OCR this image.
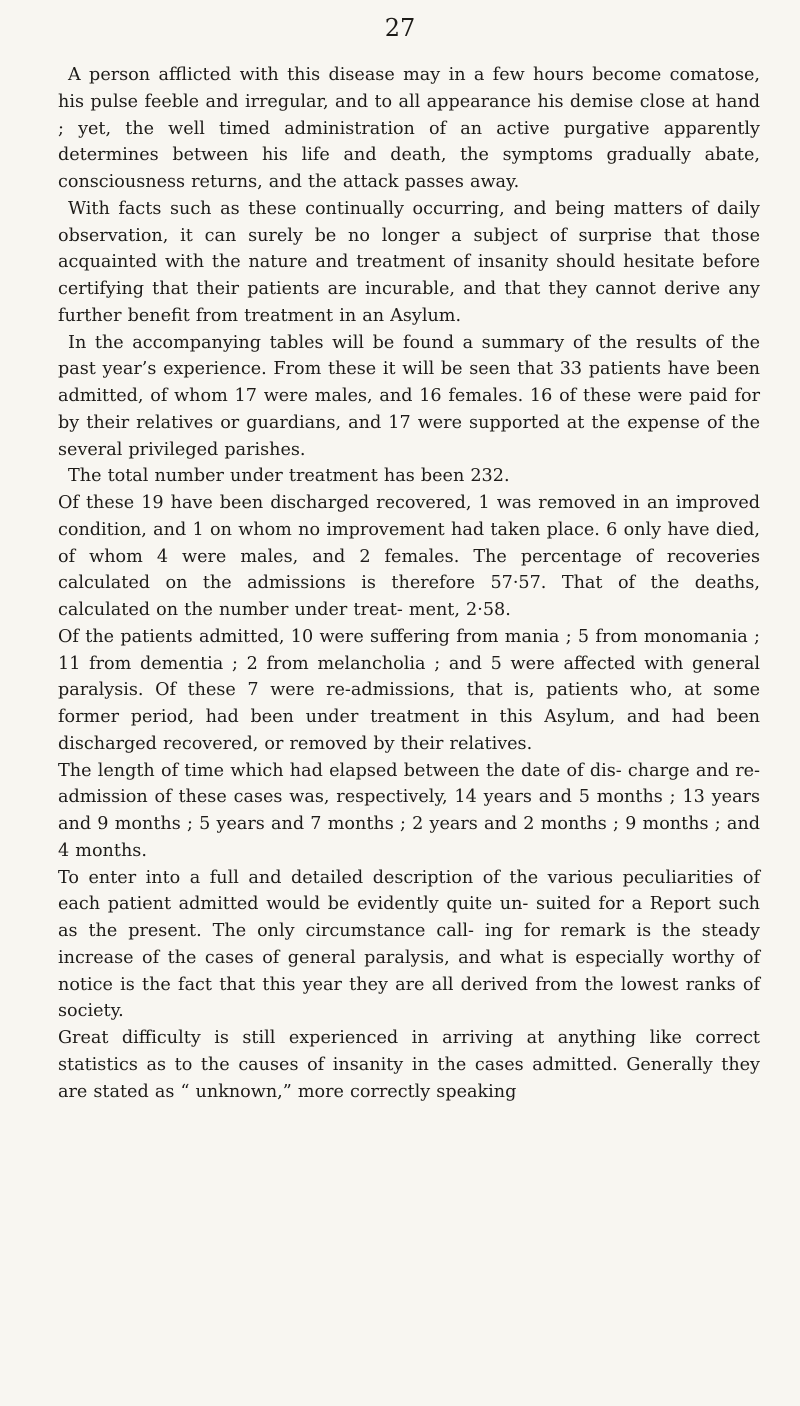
27

A person afflicted with this disease may in a few hours become comatose, his pulse feeble and irregular, and to all appearance his demise close at hand ; yet, the well timed administration of an active purgative apparently determines between his life and death, the symptoms gradually abate, consciousness returns, and the attack passes away.

With facts such as these continually occurring, and being matters of daily observation, it can surely be no longer a subject of surprise that those acquainted with the nature and treatment of insanity should hesitate before certifying that their patients are incurable, and that they cannot derive any further benefit from treatment in an Asylum.

In the accompanying tables will be found a summary of the results of the past year’s experience. From these it will be seen that 33 patients have been admitted, of whom 17 were males, and 16 females. 16 of these were paid for by their relatives or guardians, and 17 were supported at the expense of the several privileged parishes.

The total number under treatment has been 232.

Of these 19 have been discharged recovered, 1 was removed in an improved condition, and 1 on whom no improvement had taken place. 6 only have died, of whom 4 were males, and 2 females. The percentage of recoveries calculated on the admissions is therefore 57·57. That of the deaths, calculated on the number under treat- ment, 2·58.

Of the patients admitted, 10 were suffering from mania ; 5 from monomania ; 11 from dementia ; 2 from melancholia ; and 5 were affected with general paralysis. Of these 7 were re-admissions, that is, patients who, at some former period, had been under treatment in this Asylum, and had been discharged recovered, or removed by their relatives.

The length of time which had elapsed between the date of dis- charge and re-admission of these cases was, respectively, 14 years and 5 months ; 13 years and 9 months ; 5 years and 7 months ; 2 years and 2 months ; 9 months ; and 4 months.

To enter into a full and detailed description of the various peculiarities of each patient admitted would be evidently quite un- suited for a Report such as the present. The only circumstance call- ing for remark is the steady increase of the cases of general paralysis, and what is especially worthy of notice is the fact that this year they are all derived from the lowest ranks of society.

Great difficulty is still experienced in arriving at anything like correct statistics as to the causes of insanity in the cases admitted. Generally they are stated as “ unknown,” more correctly speaking
